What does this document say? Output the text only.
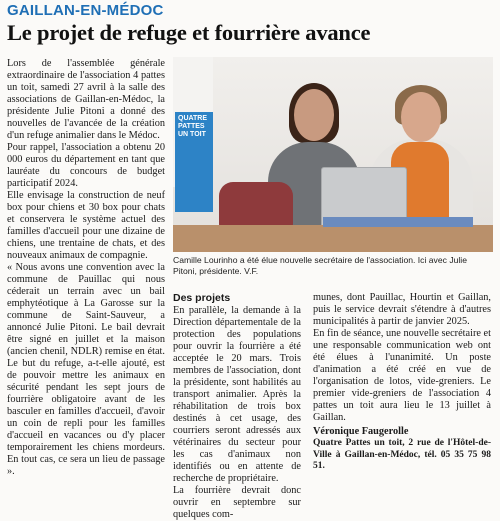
GAILLAN-EN-MÉDOC
Le projet de refuge et fourrière avance

Lors de l'assemblée générale extraordinaire de l'association 4 pattes un toit, samedi 27 avril à la salle des associations de Gaillan-en-Médoc, la présidente Julie Pitoni a donné des nouvelles de l'avancée de la création d'un refuge animalier dans le Médoc.

Pour rappel, l'association a obtenu 20 000 euros du département en tant que lauréate du concours de budget participatif 2024.

Elle envisage la construction de neuf box pour chiens et 30 box pour chats et conservera le système actuel des familles d'accueil pour une dizaine de chiens, une trentaine de chats, et des nouveaux animaux de compagnie.

« Nous avons une convention avec la commune de Pauillac qui nous céderait un terrain avec un bail emphytéotique à La Garosse sur la commune de Saint-Sauveur, a annoncé Julie Pitoni. Le bail devrait être signé en juillet et la maison (ancien chenil, NDLR) remise en état. Le but du refuge, a-t-elle ajouté, est de pouvoir mettre les animaux en sécurité pendant les sept jours de fourrière obligatoire avant de les basculer en familles d'accueil, d'avoir un coin de repli pour les familles d'accueil en vacances ou d'y placer temporairement les chiens mordeurs. En tout cas, ce sera un lieu de passage ».

QUATRE PATTES UN TOIT
Camille Lourinho a été élue nouvelle secrétaire de l'association. Ici avec Julie Pitoni, présidente. V.F.
Des projets

En parallèle, la demande à la Direction départementale de la protection des populations pour ouvrir la fourrière a été acceptée le 20 mars. Trois membres de l'association, dont la présidente, sont habilités au transport animalier. Après la réhabilitation de trois box destinés à cet usage, des courriers seront adressés aux vétérinaires du secteur pour les cas d'animaux non identifiés ou en attente de recherche de propriétaire.

La fourrière devrait donc ouvrir en septembre sur quelques com-

munes, dont Pauillac, Hourtin et Gaillan, puis le service devrait s'étendre à d'autres municipalités à partir de janvier 2025.

En fin de séance, une nouvelle secrétaire et une responsable communication web ont été élues à l'unanimité. Un poste d'animation a été créé en vue de l'organisation de lotos, vide-greniers. Le premier vide-greniers de l'association 4 pattes un toit aura lieu le 13 juillet à Gaillan.

Véronique Faugerolle

Quatre Pattes un toit, 2 rue de l'Hôtel-de-Ville à Gaillan-en-Médoc, tél. 05 35 75 98 51.
